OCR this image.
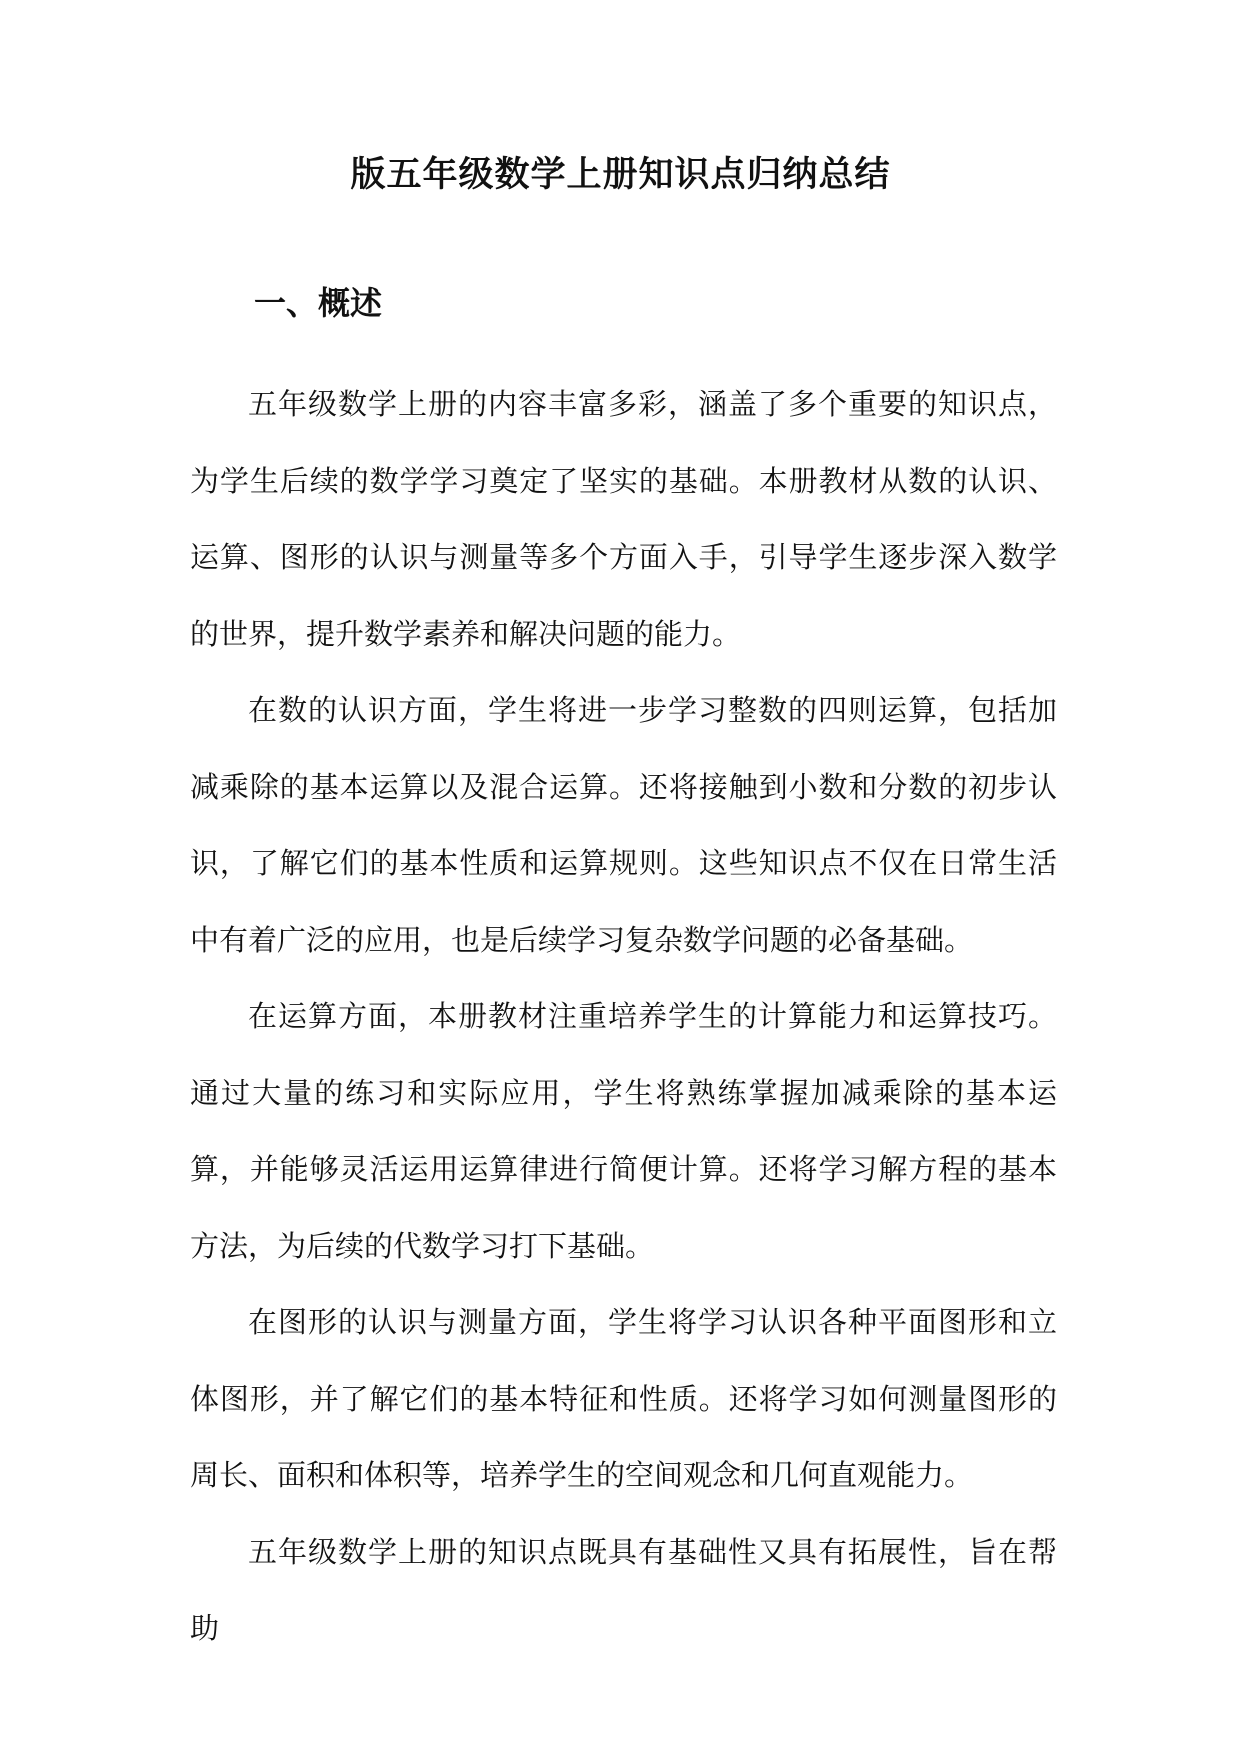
版五年级数学上册知识点归纳总结
一、概述

五年级数学上册的内容丰富多彩，涵盖了多个重要的知识点，为学生后续的数学学习奠定了坚实的基础。本册教材从数的认识、运算、图形的认识与测量等多个方面入手，引导学生逐步深入数学的世界，提升数学素养和解决问题的能力。

在数的认识方面，学生将进一步学习整数的四则运算，包括加减乘除的基本运算以及混合运算。还将接触到小数和分数的初步认识，了解它们的基本性质和运算规则。这些知识点不仅在日常生活中有着广泛的应用，也是后续学习复杂数学问题的必备基础。

在运算方面，本册教材注重培养学生的计算能力和运算技巧。通过大量的练习和实际应用，学生将熟练掌握加减乘除的基本运算，并能够灵活运用运算律进行简便计算。还将学习解方程的基本方法，为后续的代数学习打下基础。

在图形的认识与测量方面，学生将学习认识各种平面图形和立体图形，并了解它们的基本特征和性质。还将学习如何测量图形的周长、面积和体积等，培养学生的空间观念和几何直观能力。

五年级数学上册的知识点既具有基础性又具有拓展性，旨在帮助
